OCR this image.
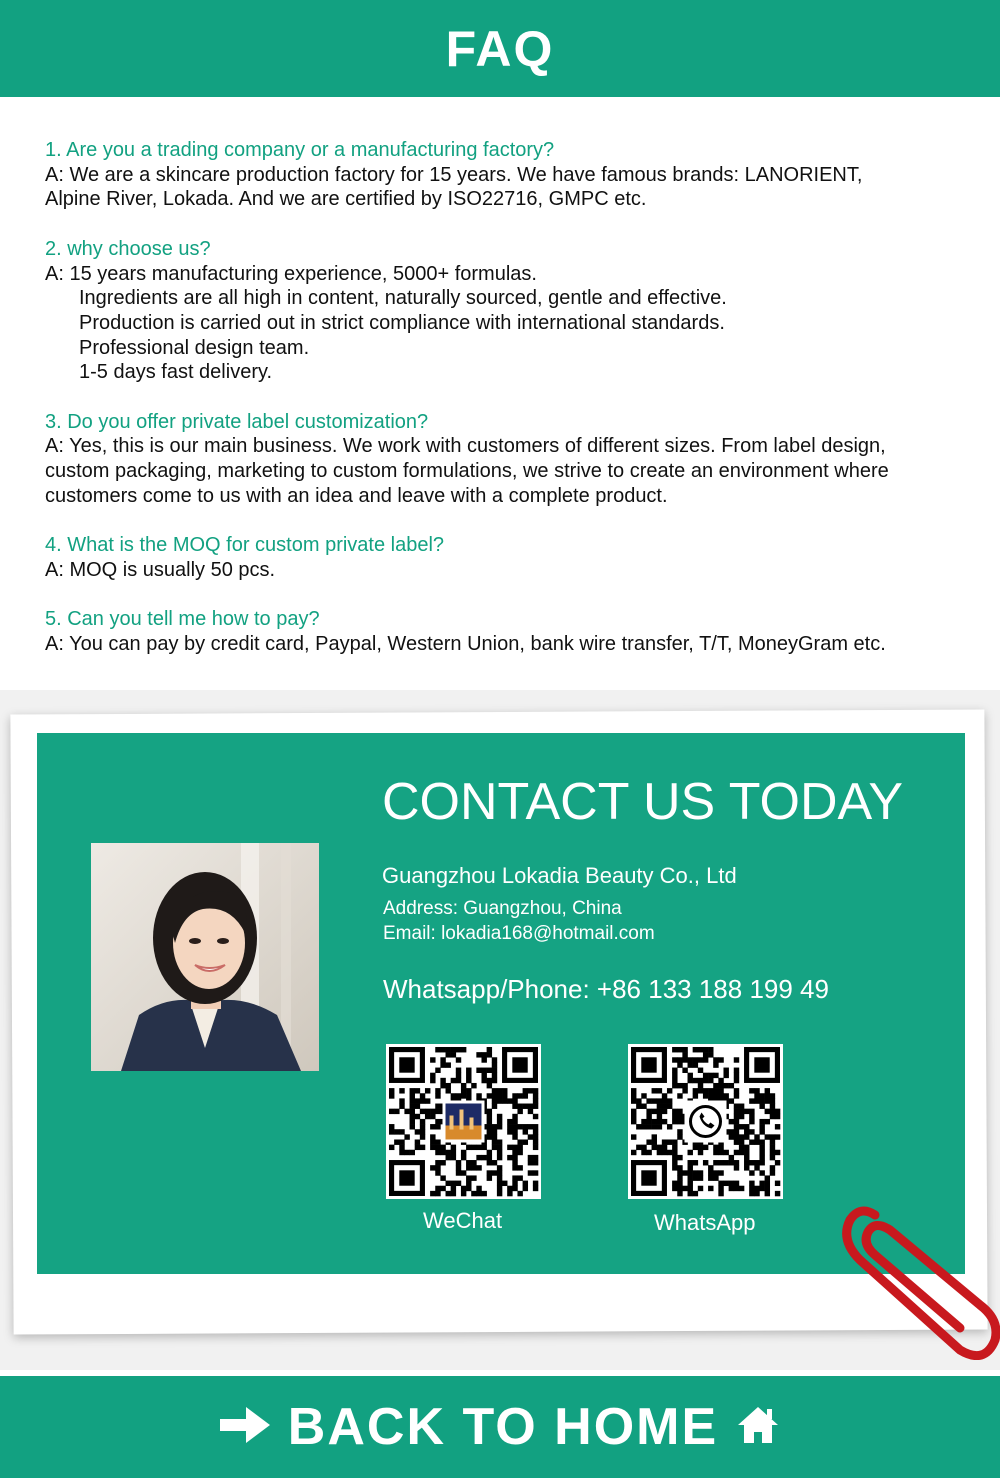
FAQ
1. Are you a trading company or a manufacturing factory?
A: We are a skincare production factory for 15 years. We have famous brands: LANORIENT,
Alpine River, Lokada. And we are certified by ISO22716, GMPC etc.
2. why choose us?
A: 15 years manufacturing experience, 5000+ formulas.
Ingredients are all high in content, naturally sourced, gentle and effective.
Production is carried out in strict compliance with international standards.
Professional design team.
1-5 days fast delivery.
3. Do you offer private label customization?
A: Yes, this is our main business. We work with customers of different sizes. From label design,
custom packaging, marketing to custom formulations, we strive to create an environment where
customers come to us with an idea and leave with a complete product.
4. What is the MOQ for custom private label?
A: MOQ is usually 50 pcs.
5. Can you tell me how to pay?
A: You can pay by credit card, Paypal, Western Union, bank wire transfer, T/T, MoneyGram etc.
CONTACT US TODAY
Guangzhou Lokadia Beauty Co., Ltd
Address: Guangzhou, China
Email: lokadia168@hotmail.com
Whatsapp/Phone: +86 133 188 199 49
WeChat	WhatsApp
BACK TO HOME
